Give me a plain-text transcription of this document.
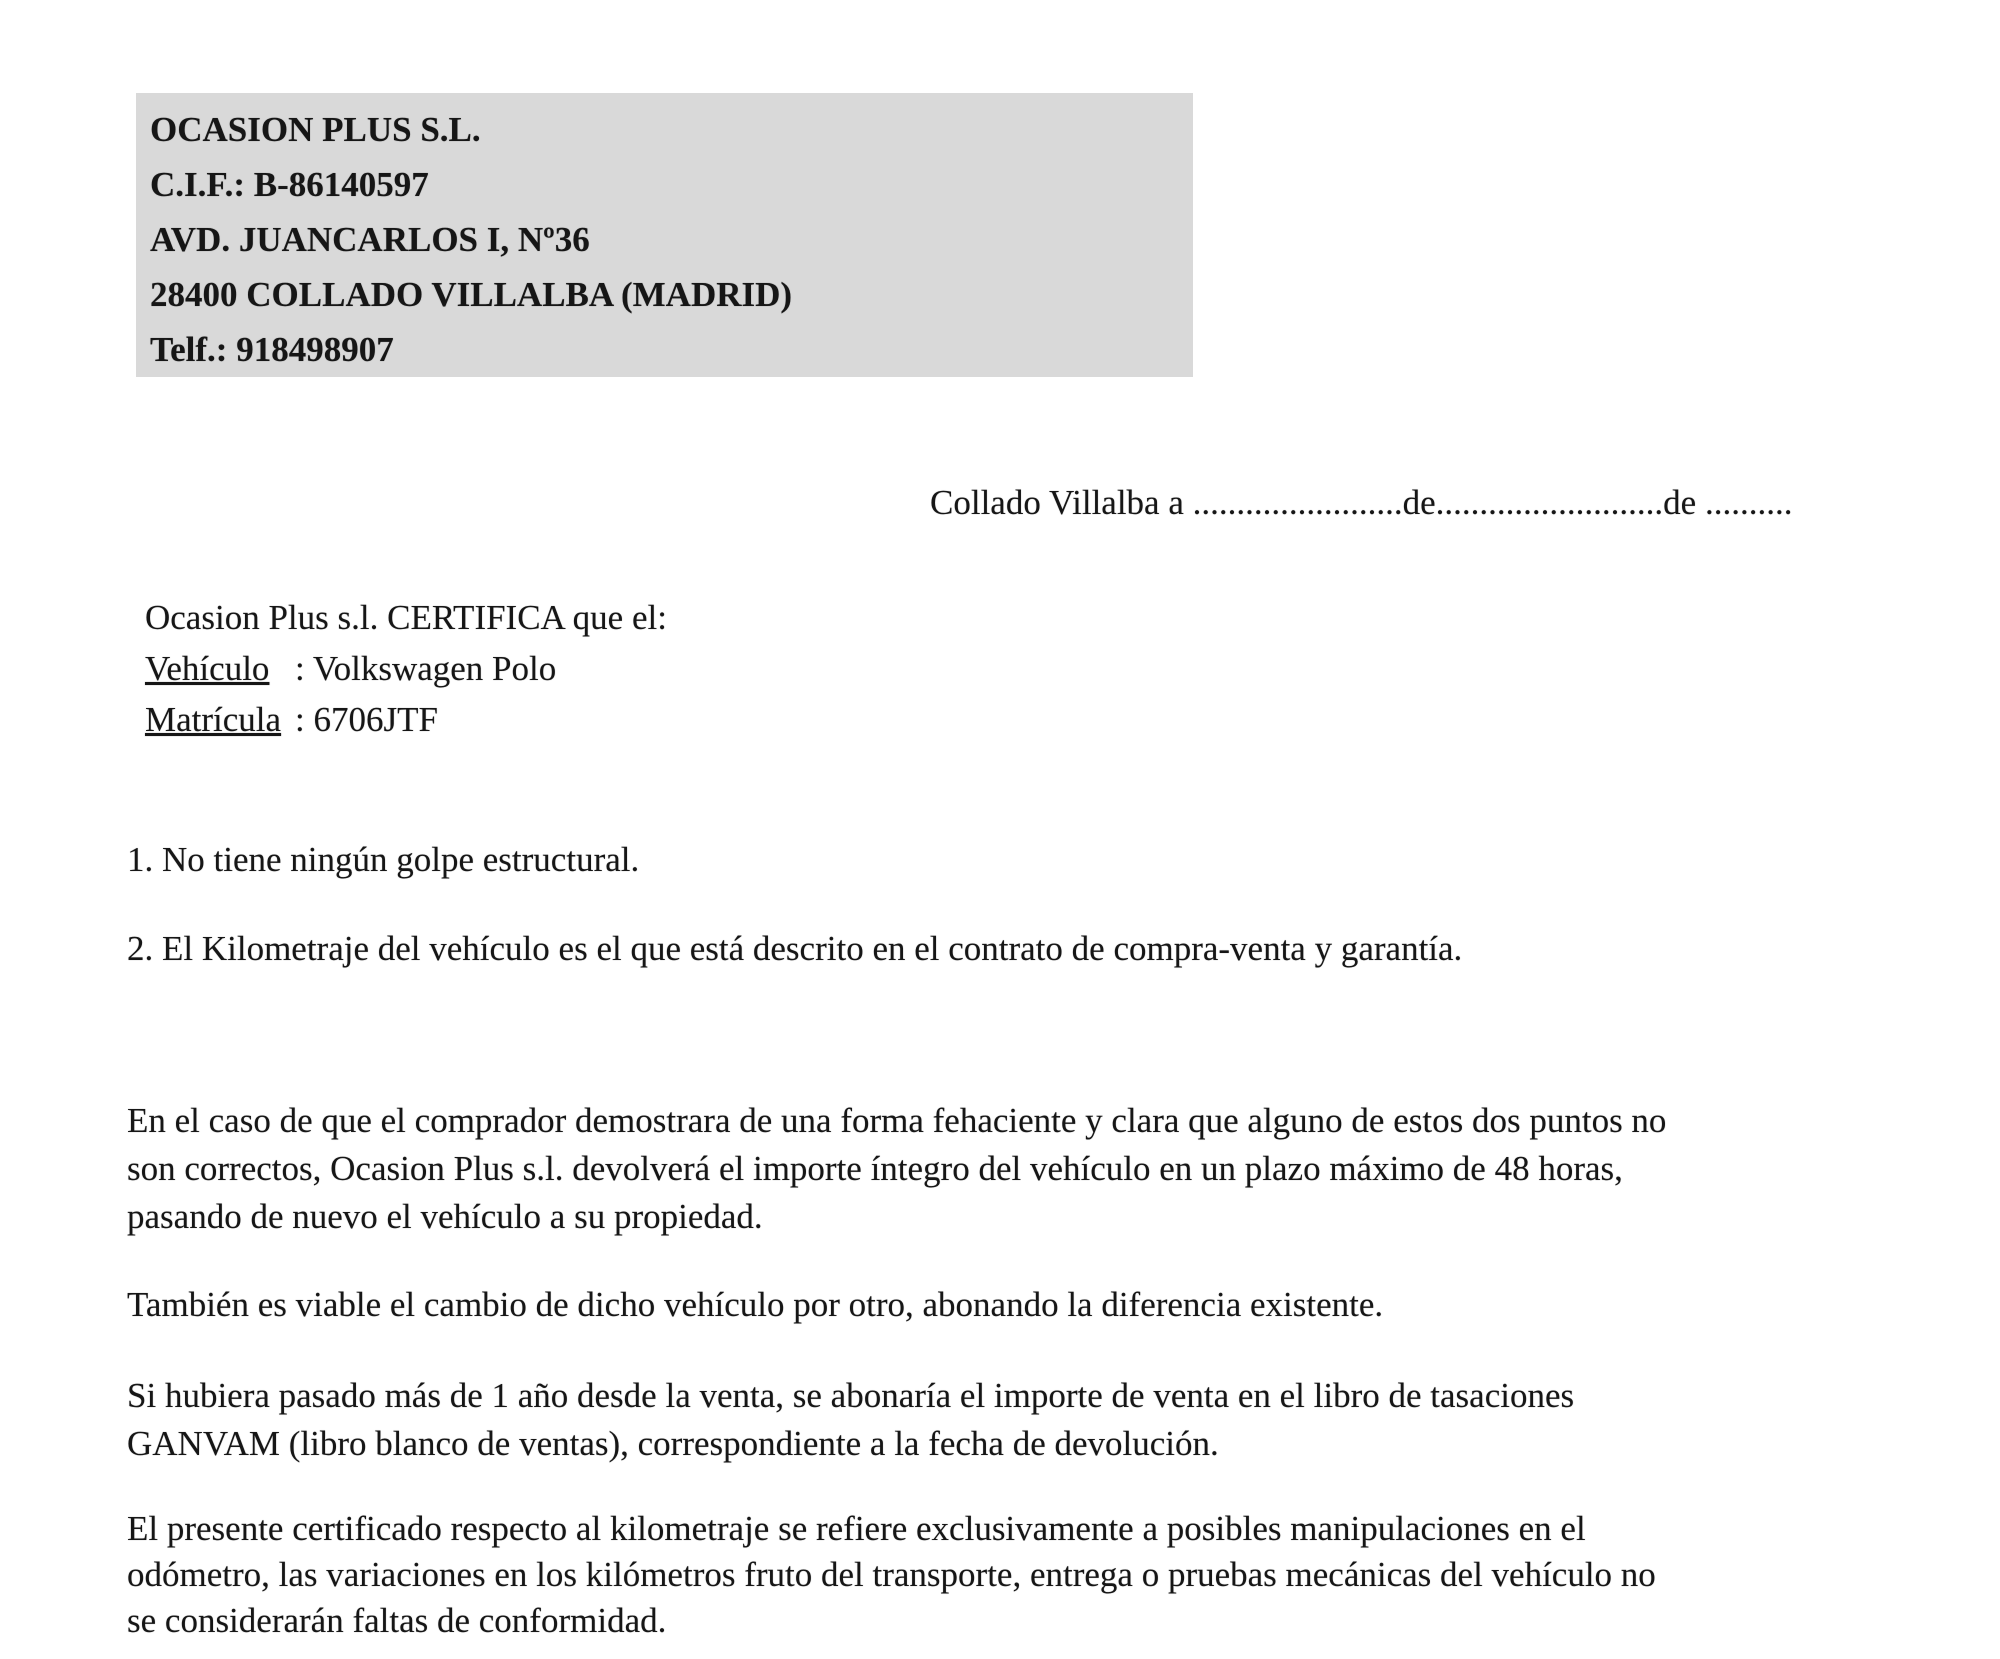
OCASION PLUS S.L.
C.I.F.: B-86140597
AVD. JUANCARLOS I, Nº36
28400 COLLADO VILLALBA (MADRID)
Telf.: 918498907
Collado Villalba a ........................de..........................de ..........
Ocasion Plus s.l. CERTIFICA que el:
Vehículo : Volkswagen Polo
Matrícula : 6706JTF
1. No tiene ningún golpe estructural.
2. El Kilometraje del vehículo es el que está descrito en el contrato de compra-venta y garantía.
En el caso de que el comprador demostrara de una forma fehaciente y clara que alguno de estos dos puntos no
son correctos, Ocasion Plus s.l. devolverá el importe íntegro del vehículo en un plazo máximo de 48 horas,
pasando de nuevo el vehículo a su propiedad.
También es viable el cambio de dicho vehículo por otro, abonando la diferencia existente.
Si hubiera pasado más de 1 año desde la venta, se abonaría el importe de venta en el libro de tasaciones
GANVAM (libro blanco de ventas), correspondiente a la fecha de devolución.
El presente certificado respecto al kilometraje se refiere exclusivamente a posibles manipulaciones en el
odómetro, las variaciones en los kilómetros fruto del transporte, entrega o pruebas mecánicas del vehículo no
se considerarán faltas de conformidad.
